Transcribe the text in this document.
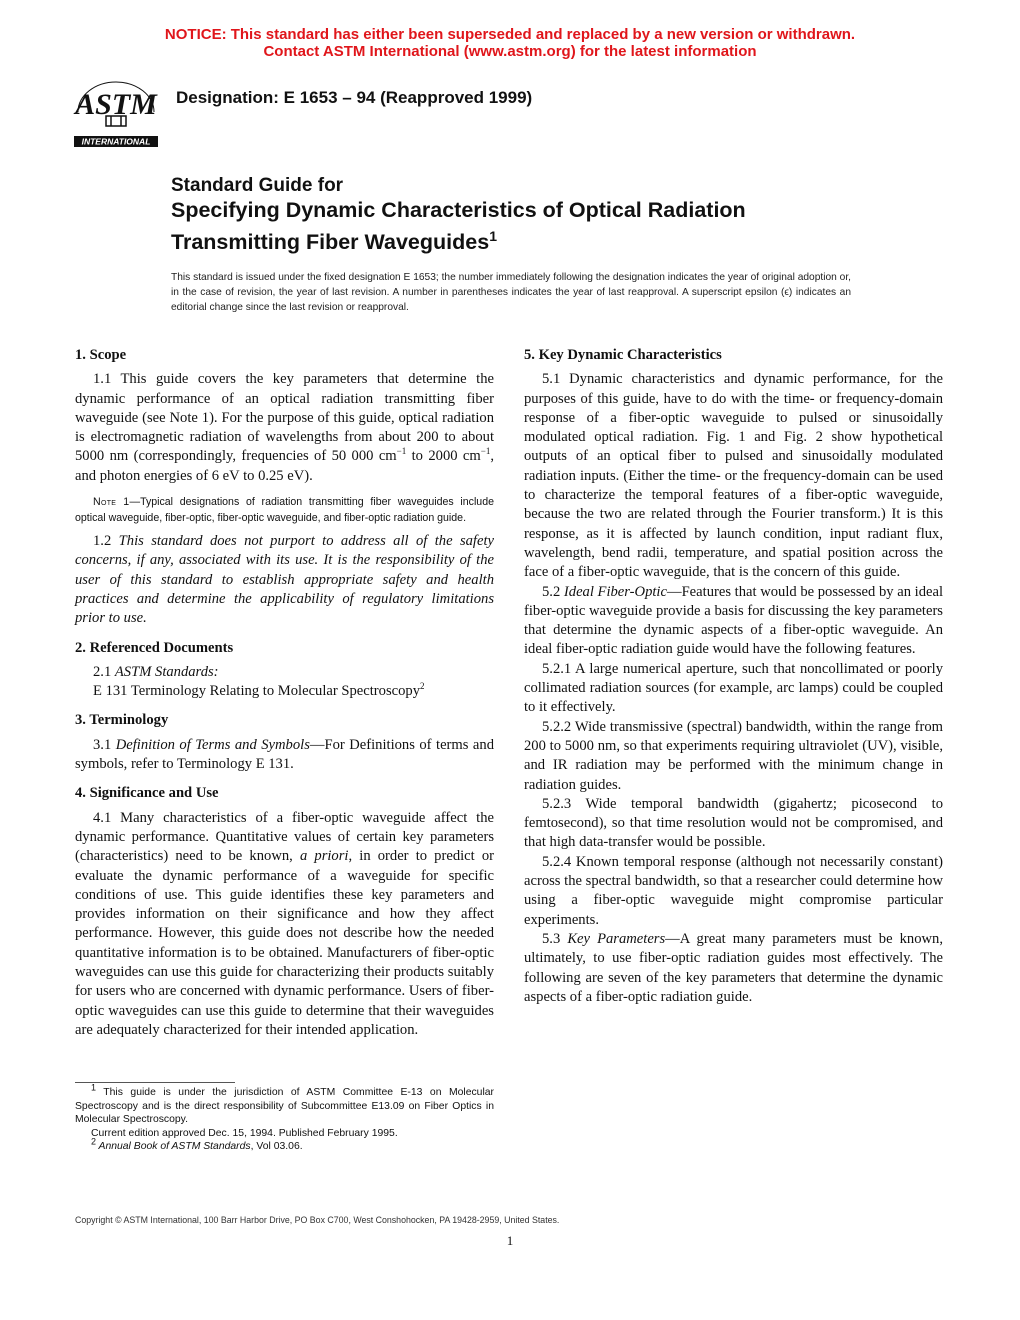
NOTICE: This standard has either been superseded and replaced by a new version or withdrawn.
Contact ASTM International (www.astm.org) for the latest information
ASTM
INTERNATIONAL
Designation: E 1653 – 94 (Reapproved 1999)
Standard Guide for
Specifying Dynamic Characteristics of Optical Radiation
Transmitting Fiber Waveguides$^1$
This standard is issued under the fixed designation E 1653; the number immediately following the designation indicates the year of original adoption or, in the case of revision, the year of last revision. A number in parentheses indicates the year of last reapproval. A superscript epsilon (ϵ) indicates an editorial change since the last revision or reapproval.

1. Scope

1.1 This guide covers the key parameters that determine the dynamic performance of an optical radiation transmitting fiber waveguide (see Note 1). For the purpose of this guide, optical radiation is electromagnetic radiation of wavelengths from about 200 to about 5000 nm (correspondingly, frequencies of 50 000 cm$^{-1}$ to 2000 cm$^{-1}$, and photon energies of 6 eV to 0.25 eV).

Note 1—Typical designations of radiation transmitting fiber waveguides include optical waveguide, fiber-optic, fiber-optic waveguide, and fiber-optic radiation guide.

1.2 This standard does not purport to address all of the safety concerns, if any, associated with its use. It is the responsibility of the user of this standard to establish appropriate safety and health practices and determine the applicability of regulatory limitations prior to use.

2. Referenced Documents

2.1 ASTM Standards:

E 131 Terminology Relating to Molecular Spectroscopy$^2$

3. Terminology

3.1 Definition of Terms and Symbols—For Definitions of terms and symbols, refer to Terminology E 131.

4. Significance and Use

4.1 Many characteristics of a fiber-optic waveguide affect the dynamic performance. Quantitative values of certain key parameters (characteristics) need to be known, a priori, in order to predict or evaluate the dynamic performance of a waveguide for specific conditions of use. This guide identifies these key parameters and provides information on their significance and how they affect performance. However, this guide does not describe how the needed quantitative information is to be obtained. Manufacturers of fiber-optic waveguides can use this guide for characterizing their products suitably for users who are concerned with dynamic performance. Users of fiber-optic waveguides can use this guide to determine that their waveguides are adequately characterized for their intended application.

5. Key Dynamic Characteristics

5.1 Dynamic characteristics and dynamic performance, for the purposes of this guide, have to do with the time- or frequency-domain response of a fiber-optic waveguide to pulsed or sinusoidally modulated optical radiation. Fig. 1 and Fig. 2 show hypothetical outputs of an optical fiber to pulsed and sinusoidally modulated radiation inputs. (Either the time- or the frequency-domain can be used to characterize the temporal features of a fiber-optic waveguide, because the two are related through the Fourier transform.) It is this response, as it is affected by launch condition, input radiant flux, wavelength, bend radii, temperature, and spatial position across the face of a fiber-optic waveguide, that is the concern of this guide.

5.2 Ideal Fiber-Optic—Features that would be possessed by an ideal fiber-optic waveguide provide a basis for discussing the key parameters that determine the dynamic aspects of a fiber-optic waveguide. An ideal fiber-optic radiation guide would have the following features.

5.2.1 A large numerical aperture, such that noncollimated or poorly collimated radiation sources (for example, arc lamps) could be coupled to it effectively.

5.2.2 Wide transmissive (spectral) bandwidth, within the range from 200 to 5000 nm, so that experiments requiring ultraviolet (UV), visible, and IR radiation may be performed with the minimum change in radiation guides.

5.2.3 Wide temporal bandwidth (gigahertz; picosecond to femtosecond), so that time resolution would not be compromised, and that high data-transfer would be possible.

5.2.4 Known temporal response (although not necessarily constant) across the spectral bandwidth, so that a researcher could determine how using a fiber-optic waveguide might compromise particular experiments.

5.3 Key Parameters—A great many parameters must be known, ultimately, to use fiber-optic radiation guides most effectively. The following are seven of the key parameters that determine the dynamic aspects of a fiber-optic radiation guide.

$^1$ This guide is under the jurisdiction of ASTM Committee E-13 on Molecular Spectroscopy and is the direct responsibility of Subcommittee E13.09 on Fiber Optics in Molecular Spectroscopy.

Current edition approved Dec. 15, 1994. Published February 1995.

$^2$ Annual Book of ASTM Standards, Vol 03.06.

Copyright © ASTM International, 100 Barr Harbor Drive, PO Box C700, West Conshohocken, PA 19428-2959, United States.
1
